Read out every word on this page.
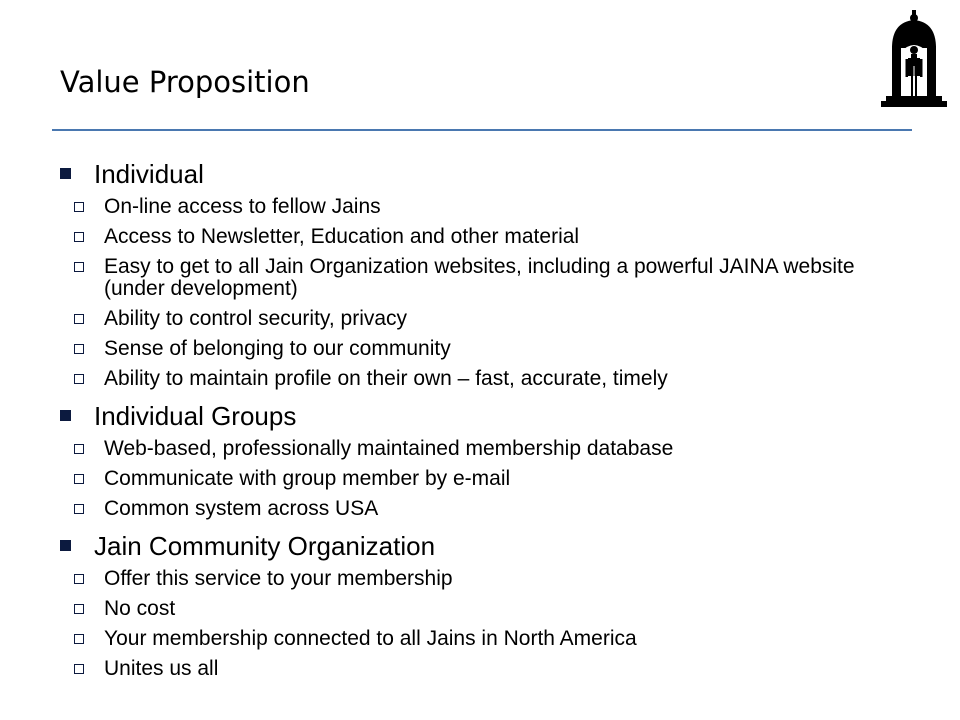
Value Proposition
Individual
On-line access to fellow Jains
Access to Newsletter, Education and other material
Easy to get to all Jain Organization websites, including a powerful JAINA website (under development)
Ability to control security, privacy
Sense of belonging to our community
Ability to maintain profile on their own – fast, accurate, timely
Individual Groups
Web-based, professionally maintained membership database
Communicate with group member by e-mail
Common system across USA
Jain Community Organization
Offer this service to your membership
No cost
Your membership connected to all Jains in North America
Unites us all
